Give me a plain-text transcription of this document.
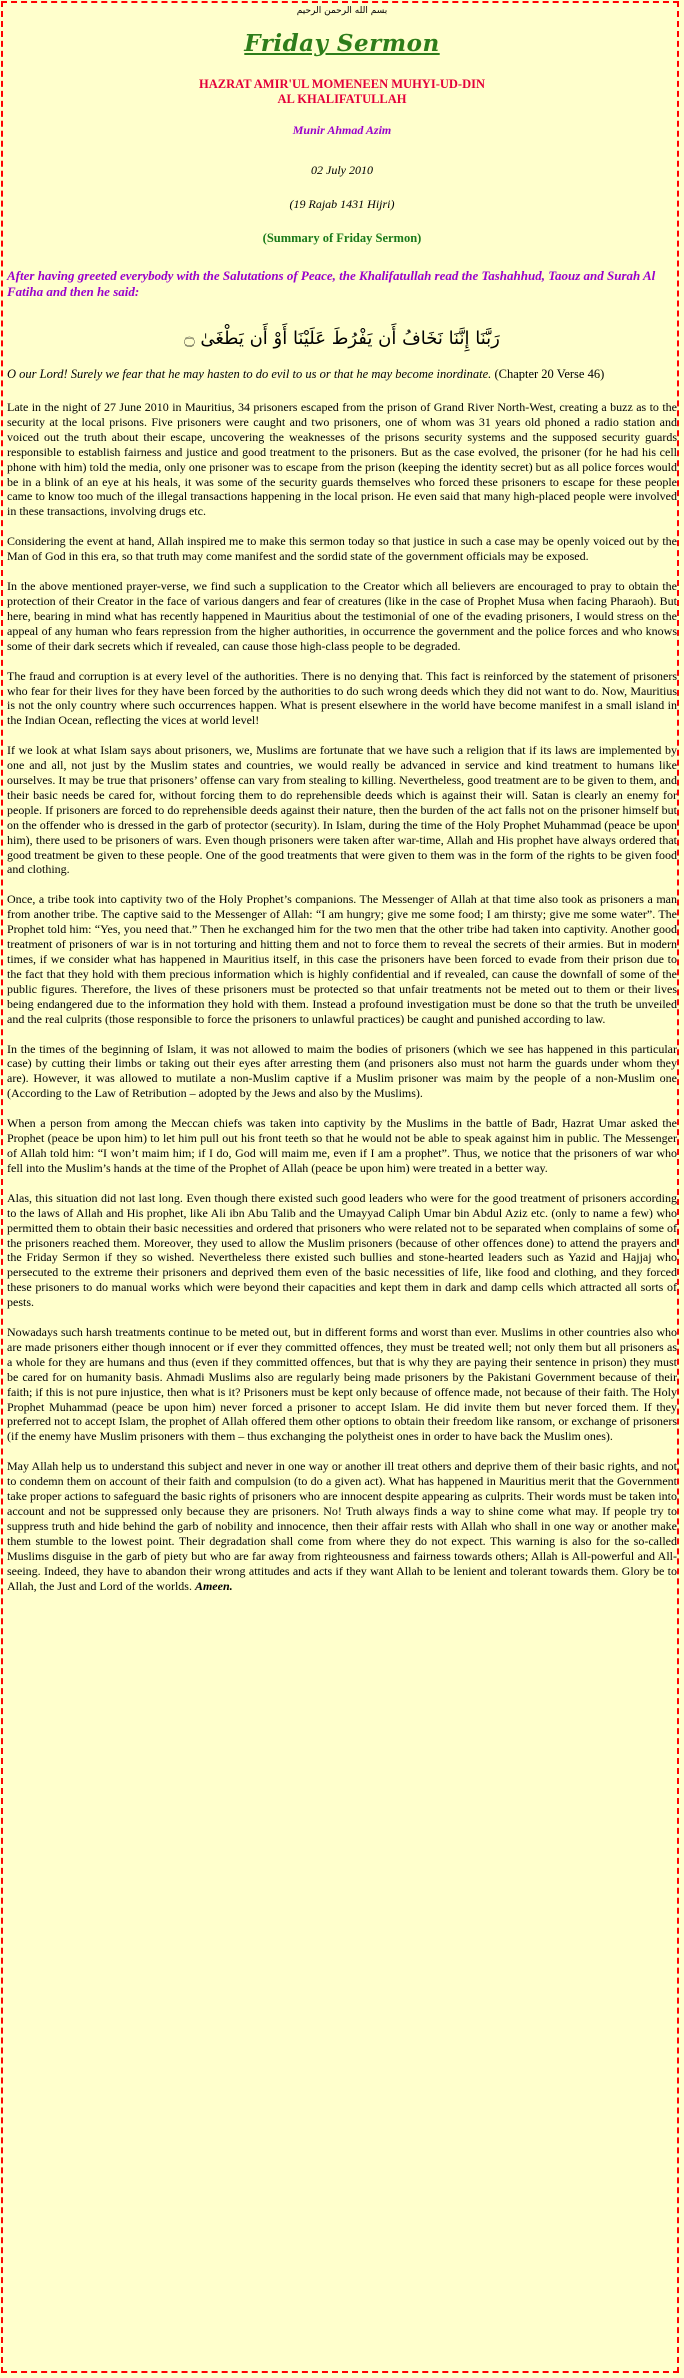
بسم الله الرحمن الرحيم
Friday Sermon
HAZRAT AMIR'UL MOMENEEN MUHYI-UD-DIN
AL KHALIFATULLAH
Munir Ahmad Azim
02 July 2010
(19 Rajab 1431 Hijri)
(Summary of Friday Sermon)
After having greeted everybody with the Salutations of Peace, the Khalifatullah read the Tashahhud, Taouz and Surah Al Fatiha and then he said:
رَبَّنَا إِنَّنَا نَخَافُ أَن يَفْرُطَ عَلَيْنَا أَوْ أَن يَطْغَىٰ ۝
O our Lord! Surely we fear that he may hasten to do evil to us or that he may become inordinate. (Chapter 20 Verse 46)

Late in the night of 27 June 2010 in Mauritius, 34 prisoners escaped from the prison of Grand River North-West, creating a buzz as to the security at the local prisons. Five prisoners were caught and two prisoners, one of whom was 31 years old phoned a radio station and voiced out the truth about their escape, uncovering the weaknesses of the prisons security systems and the supposed security guards responsible to establish fairness and justice and good treatment to the prisoners. But as the case evolved, the prisoner (for he had his cell phone with him) told the media, only one prisoner was to escape from the prison (keeping the identity secret) but as all police forces would be in a blink of an eye at his heals, it was some of the security guards themselves who forced these prisoners to escape for these people came to know too much of the illegal transactions happening in the local prison. He even said that many high-placed people were involved in these transactions, involving drugs etc.

Considering the event at hand, Allah inspired me to make this sermon today so that justice in such a case may be openly voiced out by the Man of God in this era, so that truth may come manifest and the sordid state of the government officials may be exposed.

In the above mentioned prayer-verse, we find such a supplication to the Creator which all believers are encouraged to pray to obtain the protection of their Creator in the face of various dangers and fear of creatures (like in the case of Prophet Musa when facing Pharaoh). But here, bearing in mind what has recently happened in Mauritius about the testimonial of one of the evading prisoners, I would stress on the appeal of any human who fears repression from the higher authorities, in occurrence the government and the police forces and who knows some of their dark secrets which if revealed, can cause those high-class people to be degraded.

The fraud and corruption is at every level of the authorities. There is no denying that. This fact is reinforced by the statement of prisoners who fear for their lives for they have been forced by the authorities to do such wrong deeds which they did not want to do. Now, Mauritius is not the only country where such occurrences happen. What is present elsewhere in the world have become manifest in a small island in the Indian Ocean, reflecting the vices at world level!

If we look at what Islam says about prisoners, we, Muslims are fortunate that we have such a religion that if its laws are implemented by one and all, not just by the Muslim states and countries, we would really be advanced in service and kind treatment to humans like ourselves. It may be true that prisoners’ offense can vary from stealing to killing. Nevertheless, good treatment are to be given to them, and their basic needs be cared for, without forcing them to do reprehensible deeds which is against their will. Satan is clearly an enemy for people. If prisoners are forced to do reprehensible deeds against their nature, then the burden of the act falls not on the prisoner himself but on the offender who is dressed in the garb of protector (security). In Islam, during the time of the Holy Prophet Muhammad (peace be upon him), there used to be prisoners of wars. Even though prisoners were taken after war-time, Allah and His prophet have always ordered that good treatment be given to these people. One of the good treatments that were given to them was in the form of the rights to be given food and clothing.

Once, a tribe took into captivity two of the Holy Prophet’s companions. The Messenger of Allah at that time also took as prisoners a man from another tribe. The captive said to the Messenger of Allah: “I am hungry; give me some food; I am thirsty; give me some water”. The Prophet told him: “Yes, you need that.” Then he exchanged him for the two men that the other tribe had taken into captivity. Another good treatment of prisoners of war is in not torturing and hitting them and not to force them to reveal the secrets of their armies. But in modern times, if we consider what has happened in Mauritius itself, in this case the prisoners have been forced to evade from their prison due to the fact that they hold with them precious information which is highly confidential and if revealed, can cause the downfall of some of the public figures. Therefore, the lives of these prisoners must be protected so that unfair treatments not be meted out to them or their lives being endangered due to the information they hold with them. Instead a profound investigation must be done so that the truth be unveiled and the real culprits (those responsible to force the prisoners to unlawful practices) be caught and punished according to law.

In the times of the beginning of Islam, it was not allowed to maim the bodies of prisoners (which we see has happened in this particular case) by cutting their limbs or taking out their eyes after arresting them (and prisoners also must not harm the guards under whom they are). However, it was allowed to mutilate a non-Muslim captive if a Muslim prisoner was maim by the people of a non-Muslim one (According to the Law of Retribution – adopted by the Jews and also by the Muslims).

When a person from among the Meccan chiefs was taken into captivity by the Muslims in the battle of Badr, Hazrat Umar asked the Prophet (peace be upon him) to let him pull out his front teeth so that he would not be able to speak against him in public. The Messenger of Allah told him: “I won’t maim him; if I do, God will maim me, even if I am a prophet”. Thus, we notice that the prisoners of war who fell into the Muslim’s hands at the time of the Prophet of Allah (peace be upon him) were treated in a better way.

Alas, this situation did not last long. Even though there existed such good leaders who were for the good treatment of prisoners according to the laws of Allah and His prophet, like Ali ibn Abu Talib and the Umayyad Caliph Umar bin Abdul Aziz etc. (only to name a few) who permitted them to obtain their basic necessities and ordered that prisoners who were related not to be separated when complains of some of the prisoners reached them. Moreover, they used to allow the Muslim prisoners (because of other offences done) to attend the prayers and the Friday Sermon if they so wished. Nevertheless there existed such bullies and stone-hearted leaders such as Yazid and Hajjaj who persecuted to the extreme their prisoners and deprived them even of the basic necessities of life, like food and clothing, and they forced these prisoners to do manual works which were beyond their capacities and kept them in dark and damp cells which attracted all sorts of pests.

Nowadays such harsh treatments continue to be meted out, but in different forms and worst than ever. Muslims in other countries also who are made prisoners either though innocent or if ever they committed offences, they must be treated well; not only them but all prisoners as a whole for they are humans and thus (even if they committed offences, but that is why they are paying their sentence in prison) they must be cared for on humanity basis. Ahmadi Muslims also are regularly being made prisoners by the Pakistani Government because of their faith; if this is not pure injustice, then what is it? Prisoners must be kept only because of offence made, not because of their faith. The Holy Prophet Muhammad (peace be upon him) never forced a prisoner to accept Islam. He did invite them but never forced them. If they preferred not to accept Islam, the prophet of Allah offered them other options to obtain their freedom like ransom, or exchange of prisoners (if the enemy have Muslim prisoners with them – thus exchanging the polytheist ones in order to have back the Muslim ones).

May Allah help us to understand this subject and never in one way or another ill treat others and deprive them of their basic rights, and not to condemn them on account of their faith and compulsion (to do a given act). What has happened in Mauritius merit that the Government take proper actions to safeguard the basic rights of prisoners who are innocent despite appearing as culprits. Their words must be taken into account and not be suppressed only because they are prisoners. No! Truth always finds a way to shine come what may. If people try to suppress truth and hide behind the garb of nobility and innocence, then their affair rests with Allah who shall in one way or another make them stumble to the lowest point. Their degradation shall come from where they do not expect. This warning is also for the so-called Muslims disguise in the garb of piety but who are far away from righteousness and fairness towards others; Allah is All-powerful and All-seeing. Indeed, they have to abandon their wrong attitudes and acts if they want Allah to be lenient and tolerant towards them. Glory be to Allah, the Just and Lord of the worlds. Ameen.
